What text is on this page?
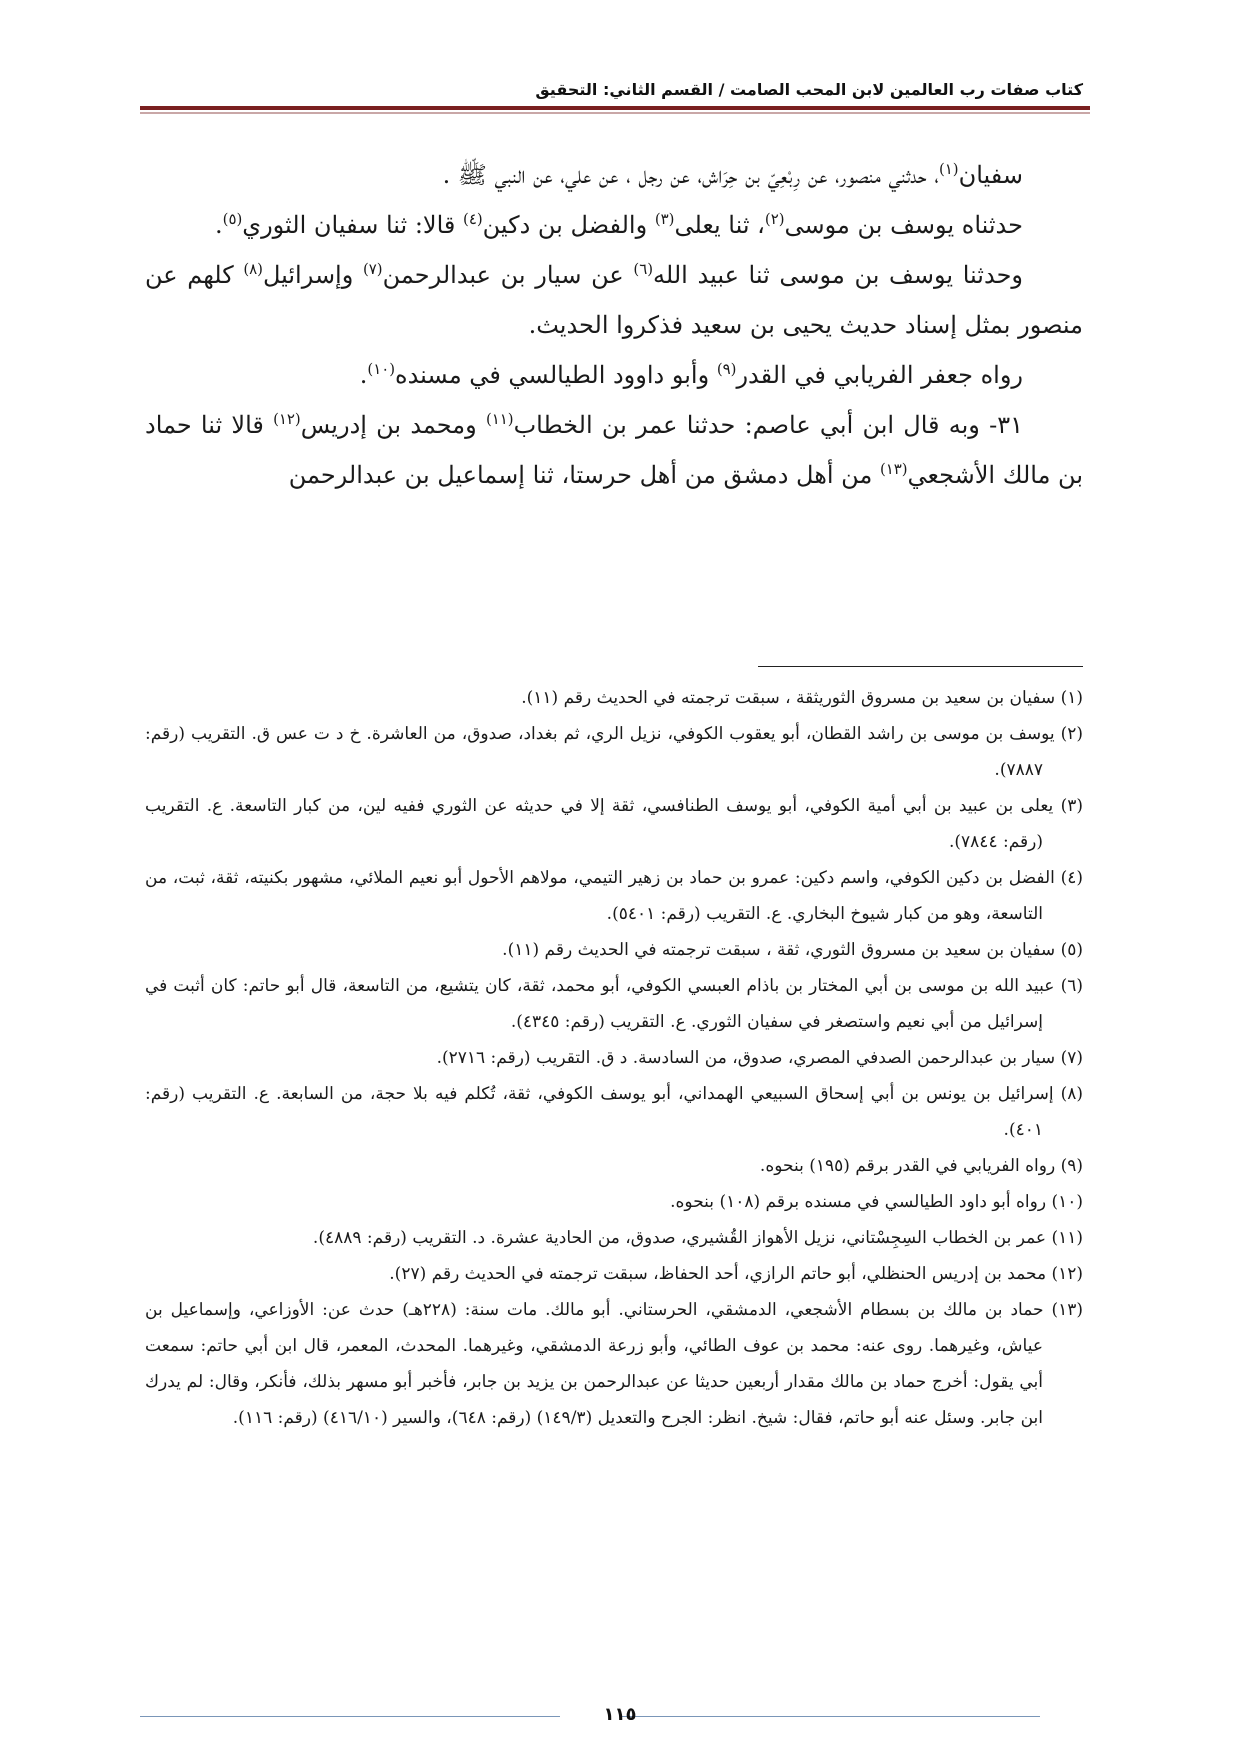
كتاب صفات رب العالمين لابن المحب الصامت / القسم الثاني: التحقيق

سفيان$^{(١)}$، حدثني منصور، عن رِبْعِيّ بن حِرَاش، عن رجل ، عن علي، عن النبي ﷺ .

حدثناه يوسف بن موسى$^{(٢)}$، ثنا يعلى$^{(٣)}$ والفضل بن دكين$^{(٤)}$ قالا: ثنا سفيان الثوري$^{(٥)}$.

وحدثنا يوسف بن موسى ثنا عبيد الله$^{(٦)}$ عن سيار بن عبدالرحمن$^{(٧)}$ وإسرائيل$^{(٨)}$ كلهم عن منصور بمثل إسناد حديث يحيى بن سعيد فذكروا الحديث.

رواه جعفر الفريابي في القدر$^{(٩)}$ وأبو داوود الطيالسي في مسنده$^{(١٠)}$.

٣١- وبه قال ابن أبي عاصم: حدثنا عمر بن الخطاب$^{(١١)}$ ومحمد بن إدريس$^{(١٢)}$ قالا ثنا حماد بن مالك الأشجعي$^{(١٣)}$ من أهل دمشق من أهل حرستا، ثنا إسماعيل بن عبدالرحمن

(١) سفيان بن سعيد بن مسروق الثوريثقة ، سبقت ترجمته في الحديث رقم (١١).

(٢) يوسف بن موسى بن راشد القطان، أبو يعقوب الكوفي، نزيل الري، ثم بغداد، صدوق، من العاشرة. خ د ت عس ق. التقريب (رقم: ٧٨٨٧).

(٣) يعلى بن عبيد بن أبي أمية الكوفي، أبو يوسف الطنافسي، ثقة إلا في حديثه عن الثوري ففيه لين، من كبار التاسعة. ع. التقريب (رقم: ٧٨٤٤).

(٤) الفضل بن دكين الكوفي، واسم دكين: عمرو بن حماد بن زهير التيمي، مولاهم الأحول أبو نعيم الملائي، مشهور بكنيته، ثقة، ثبت، من التاسعة، وهو من كبار شيوخ البخاري. ع. التقريب (رقم: ٥٤٠١).

(٥) سفيان بن سعيد بن مسروق الثوري، ثقة ، سبقت ترجمته في الحديث رقم (١١).

(٦) عبيد الله بن موسى بن أبي المختار بن باذام العبسي الكوفي، أبو محمد، ثقة، كان يتشيع، من التاسعة، قال أبو حاتم: كان أثبت في إسرائيل من أبي نعيم واستصغر في سفيان الثوري. ع. التقريب (رقم: ٤٣٤٥).

(٧) سيار بن عبدالرحمن الصدفي المصري، صدوق، من السادسة. د ق. التقريب (رقم: ٢٧١٦).

(٨) إسرائيل بن يونس بن أبي إسحاق السبيعي الهمداني، أبو يوسف الكوفي، ثقة، تُكلم فيه بلا حجة، من السابعة. ع. التقريب (رقم: ٤٠١).

(٩) رواه الفريابي في القدر برقم (١٩٥) بنحوه.

(١٠) رواه أبو داود الطيالسي في مسنده برقم (١٠٨) بنحوه.

(١١) عمر بن الخطاب السِجِسْتاني، نزيل الأهواز القُشيري، صدوق، من الحادية عشرة. د. التقريب (رقم: ٤٨٨٩).

(١٢) محمد بن إدريس الحنظلي، أبو حاتم الرازي، أحد الحفاظ، سبقت ترجمته في الحديث رقم (٢٧).

(١٣) حماد بن مالك بن بسطام الأشجعي، الدمشقي، الحرستاني. أبو مالك. مات سنة: (٢٢٨هـ) حدث عن: الأوزاعي، وإسماعيل بن عياش، وغيرهما. روى عنه: محمد بن عوف الطائي، وأبو زرعة الدمشقي، وغيرهما. المحدث، المعمر، قال ابن أبي حاتم: سمعت أبي يقول: أخرج حماد بن مالك مقدار أربعين حديثا عن عبدالرحمن بن يزيد بن جابر، فأخبر أبو مسهر بذلك، فأنكر، وقال: لم يدرك ابن جابر. وسئل عنه أبو حاتم، فقال: شيخ. انظر: الجرح والتعديل (١٤٩/٣) (رقم: ٦٤٨)، والسير (٤١٦/١٠) (رقم: ١١٦).

١١٥
